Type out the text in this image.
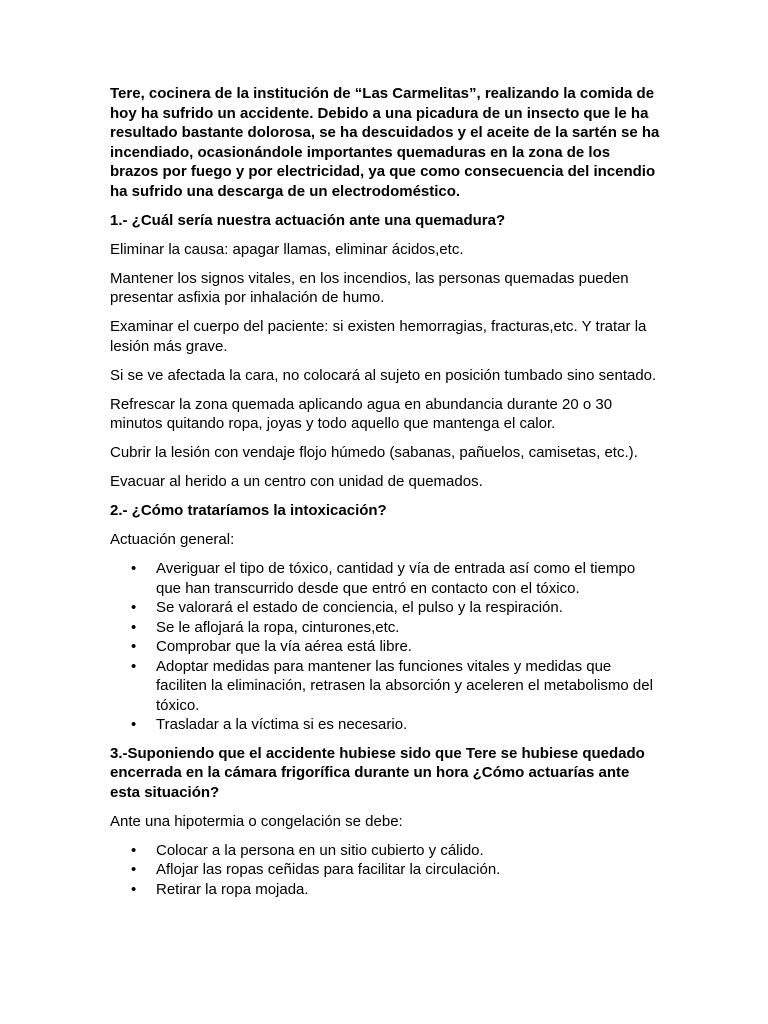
Tere, cocinera de la institución de “Las Carmelitas”, realizando la comida de hoy ha sufrido un accidente. Debido a una picadura de un insecto que le ha resultado bastante dolorosa, se ha descuidados y el aceite de la sartén se ha incendiado, ocasionándole importantes quemaduras en la zona de los brazos por fuego y por electricidad, ya que como consecuencia del incendio ha sufrido una descarga de un electrodoméstico.

1.- ¿Cuál sería nuestra actuación ante una quemadura?

Eliminar la causa: apagar llamas, eliminar ácidos,etc.

Mantener los signos vitales, en los incendios, las personas quemadas pueden presentar asfixia por inhalación de humo.

Examinar el cuerpo del paciente: si existen hemorragias, fracturas,etc. Y tratar la lesión más grave.

Si se ve afectada la cara, no colocará al sujeto en posición tumbado sino sentado.

Refrescar la zona quemada aplicando agua en abundancia durante 20 o 30 minutos quitando ropa, joyas y todo aquello que mantenga el calor.

Cubrir la lesión con vendaje flojo húmedo (sabanas, pañuelos, camisetas, etc.).

Evacuar al herido a un centro con unidad de quemados.

2.- ¿Cómo trataríamos la intoxicación?

Actuación general:

• Averiguar el tipo de tóxico, cantidad y vía de entrada así como el tiempo que han transcurrido desde que entró en contacto con el tóxico.
• Se valorará el estado de conciencia, el pulso y la respiración.
• Se le aflojará la ropa, cinturones,etc.
• Comprobar que la vía aérea está libre.
• Adoptar medidas para mantener las funciones vitales y medidas que faciliten la eliminación, retrasen la absorción y aceleren el metabolismo del tóxico.
• Trasladar a la víctima si es necesario.

3.-Suponiendo que el accidente hubiese sido que Tere se hubiese quedado encerrada en la cámara frigorífica durante un hora ¿Cómo actuarías ante esta situación?

Ante una hipotermia o congelación se debe:

• Colocar a la persona en un sitio cubierto y cálido.
• Aflojar las ropas ceñidas para facilitar la circulación.
• Retirar la ropa mojada.
